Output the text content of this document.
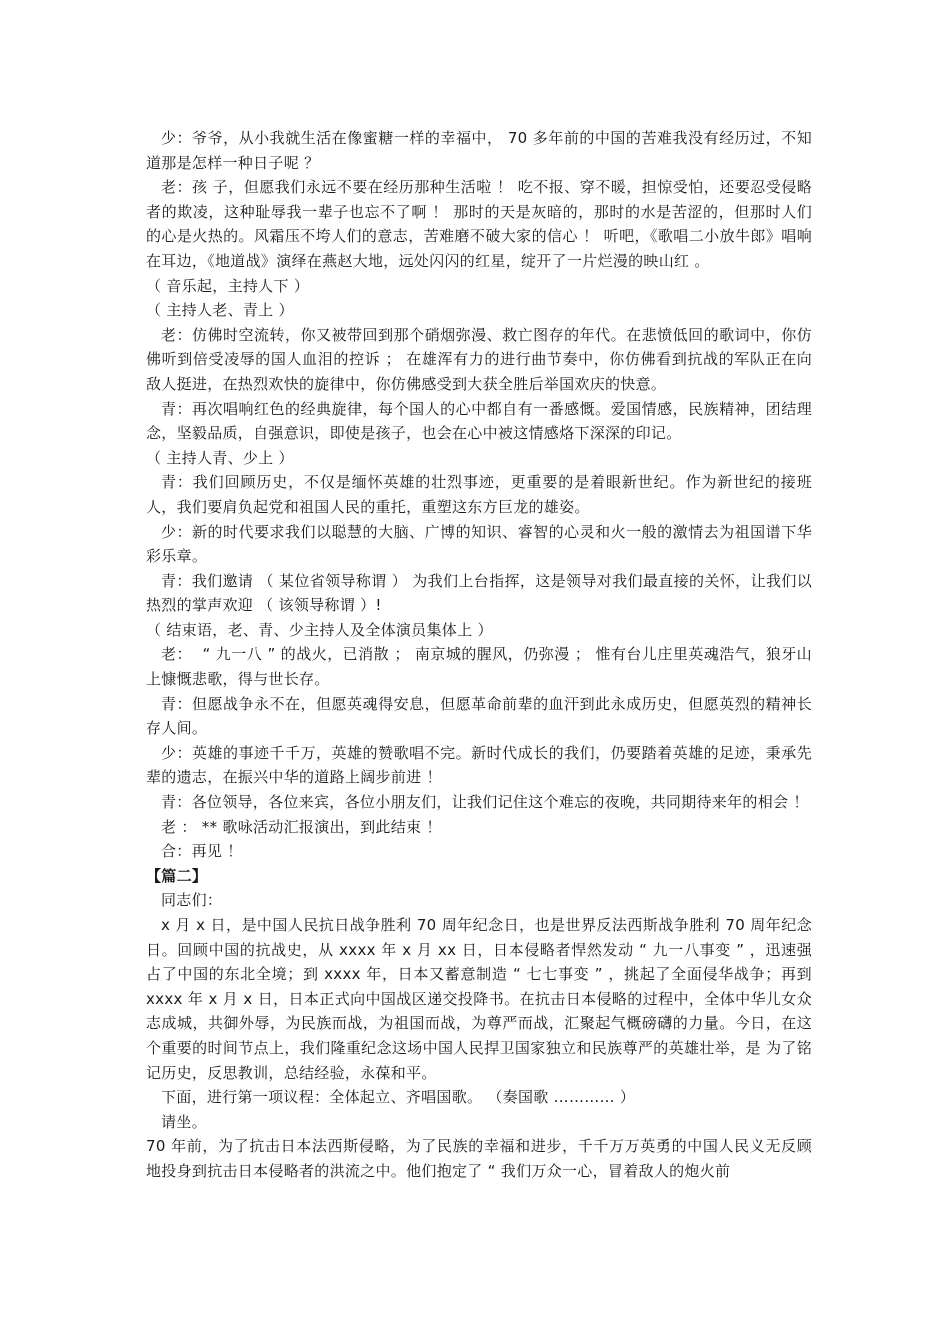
少：爷爷，从小我就生活在像蜜糖一样的幸福中， 70 多年前的中国的苦难我没有经历过，不知道那是怎样一种日子呢 ？

老：孩 子，但愿我们永远不要在经历那种生活啦 ！ 吃不报、穿不暖，担惊受怕，还要忍受侵略者的欺凌，这种耻辱我一辈子也忘不了啊 ！ 那时的天是灰暗的，那时的水是苦涩的，但那时人们的心是火热的。风霜压不垮人们的意志，苦难磨不破大家的信心 ！ 听吧，《歌唱二小放牛郎》唱响在耳边，《地道战》演绎在燕赵大地，远处闪闪的红星，绽开了一片烂漫的映山红 。

（ 音乐起，主持人下 ）

（ 主持人老、青上 ）

老：仿佛时空流转，你又被带回到那个硝烟弥漫、救亡图存的年代。在悲愤低回的歌词中，你仿佛听到倍受凌辱的国人血泪的控诉 ； 在雄浑有力的进行曲节奏中，你仿佛看到抗战的军队正在向敌人挺进，在热烈欢快的旋律中，你仿佛感受到大获全胜后举国欢庆的快意。

青：再次唱响红色的经典旋律，每个国人的心中都自有一番感慨。爱国情感，民族精神，团结理念，坚毅品质，自强意识，即使是孩子，也会在心中被这情感烙下深深的印记。

（ 主持人青、少上 ）

青：我们回顾历史，不仅是缅怀英雄的壮烈事迹，更重要的是着眼新世纪。作为新世纪的接班人，我们要肩负起党和祖国人民的重托，重塑这东方巨龙的雄姿。

少：新的时代要求我们以聪慧的大脑、广博的知识、睿智的心灵和火一般的激情去为祖国谱下华彩乐章。

青：我们邀请 （ 某位省领导称谓 ） 为我们上台指挥，这是领导对我们最直接的关怀，让我们以热烈的掌声欢迎 （ 该领导称谓 ）!

（ 结束语，老、青、少主持人及全体演员集体上 ）

老：  “ 九一八 ” 的战火，已消散 ； 南京城的腥风，仍弥漫 ； 惟有台儿庄里英魂浩气，狼牙山上慷慨悲歌，得与世长存。

青：但愿战争永不在，但愿英魂得安息，但愿革命前辈的血汗到此永成历史，但愿英烈的精神长存人间。

少：英雄的事迹千千万，英雄的赞歌唱不完。新时代成长的我们，仍要踏着英雄的足迹，秉承先辈的遗志，在振兴中华的道路上阔步前进 ！

青：各位领导，各位来宾，各位小朋友们，让我们记住这个难忘的夜晚，共同期待来年的相会 ！

老 ： ** 歌咏活动汇报演出，到此结束 ！

合：再见 ！

【篇二】

同志们：

x 月 x 日，是中国人民抗日战争胜利 70 周年纪念日，也是世界反法西斯战争胜利 70 周年纪念日。回顾中国的抗战史，从 xxxx 年 x 月 xx 日，日本侵略者悍然发动 “ 九一八事变 ” ，迅速强占了中国的东北全境；到 xxxx 年，日本又蓄意制造 “ 七七事变 ” ，挑起了全面侵华战争；再到 xxxx 年 x 月 x 日，日本正式向中国战区递交投降书。在抗击日本侵略的过程中，全体中华儿女众志成城，共御外辱，为民族而战，为祖国而战，为尊严而战，汇聚起气概磅礴的力量。今日，在这个重要的时间节点上，我们隆重纪念这场中国人民捍卫国家独立和民族尊严的英雄壮举，是 为了铭记历史，反思教训，总结经验，永葆和平。

下面，进行第一项议程：全体起立、齐唱国歌。 （奏国歌 ………… ）

请坐。

70 年前，为了抗击日本法西斯侵略，为了民族的幸福和进步，千千万万英勇的中国人民义无反顾地投身到抗击日本侵略者的洪流之中。他们抱定了 “ 我们万众一心，冒着敌人的炮火前
